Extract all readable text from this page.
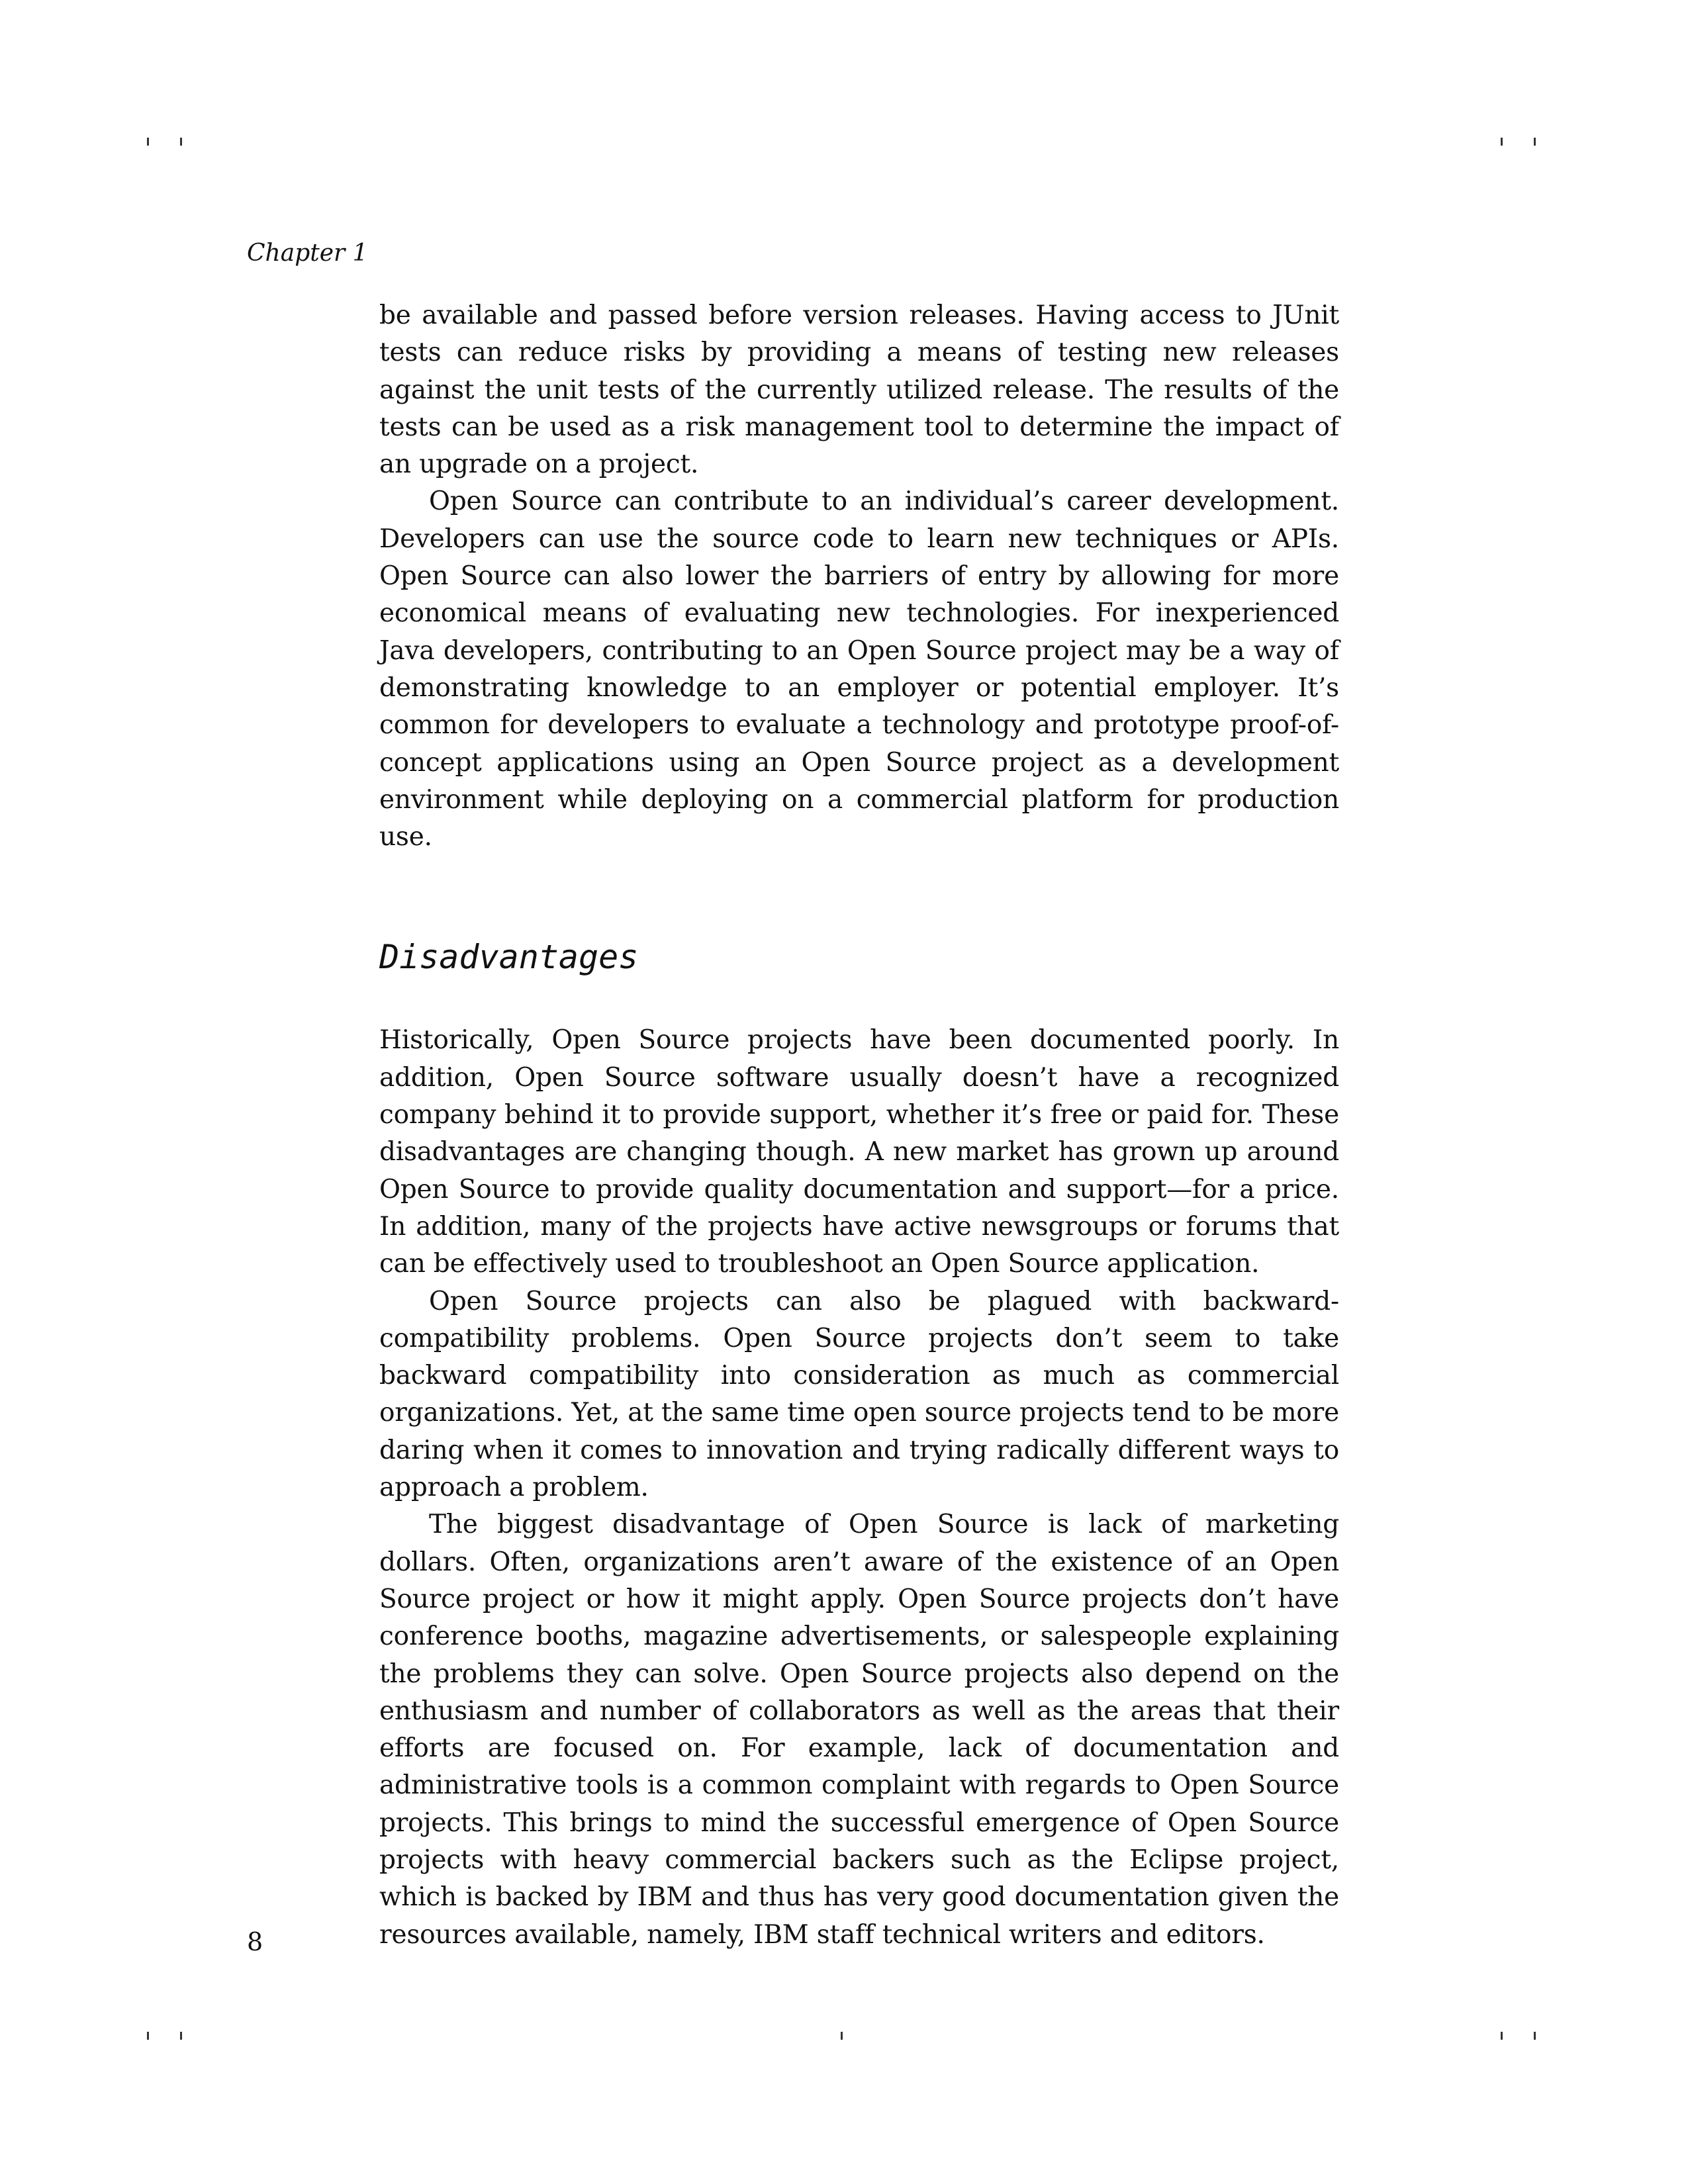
Chapter 1

be available and passed before version releases. Having access to JUnit tests can reduce risks by providing a means of testing new releases against the unit tests of the currently utilized release. The results of the tests can be used as a risk management tool to determine the impact of an upgrade on a project.

Open Source can contribute to an individual’s career development. Developers can use the source code to learn new techniques or APIs. Open Source can also lower the barriers of entry by allowing for more economical means of evaluating new technologies. For inexperienced Java developers, contributing to an Open Source project may be a way of demonstrating knowledge to an employer or potential employer. It’s common for developers to evaluate a technology and prototype proof-of-concept applications using an Open Source project as a development environment while deploying on a commercial platform for production use.

Disadvantages

Historically, Open Source projects have been documented poorly. In addition, Open Source software usually doesn’t have a recognized company behind it to provide support, whether it’s free or paid for. These disadvantages are changing though. A new market has grown up around Open Source to provide quality documentation and support—for a price. In addition, many of the projects have active newsgroups or forums that can be effectively used to troubleshoot an Open Source application.

Open Source projects can also be plagued with backward-compatibility problems. Open Source projects don’t seem to take backward compatibility into consideration as much as commercial organizations. Yet, at the same time open source projects tend to be more daring when it comes to innovation and trying radically different ways to approach a problem.

The biggest disadvantage of Open Source is lack of marketing dollars. Often, organizations aren’t aware of the existence of an Open Source project or how it might apply. Open Source projects don’t have conference booths, magazine advertisements, or salespeople explaining the problems they can solve. Open Source projects also depend on the enthusiasm and number of collaborators as well as the areas that their efforts are focused on. For example, lack of documentation and administrative tools is a common complaint with regards to Open Source projects. This brings to mind the successful emergence of Open Source projects with heavy commercial backers such as the Eclipse project, which is backed by IBM and thus has very good documentation given the resources available, namely, IBM staff technical writers and editors.

8
